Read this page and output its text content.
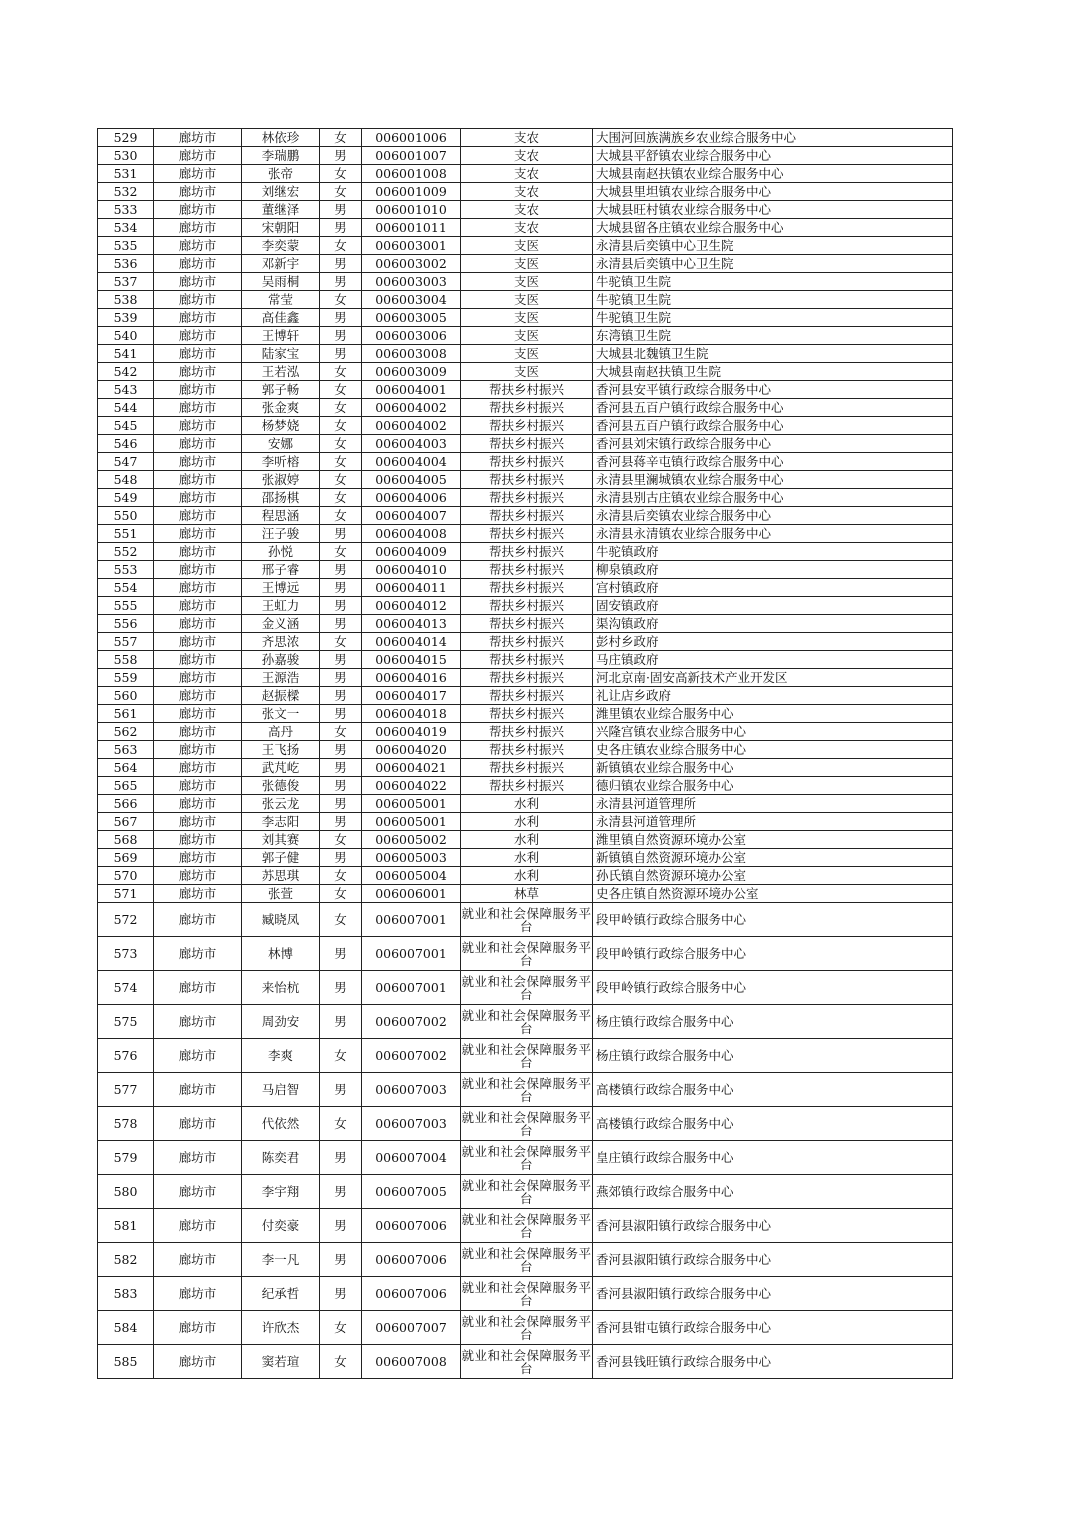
529	廊坊市	林依珍	女	006001006	支农	大围河回族满族乡农业综合服务中心
530	廊坊市	李瑞鹏	男	006001007	支农	大城县平舒镇农业综合服务中心
531	廊坊市	张帝	女	006001008	支农	大城县南赵扶镇农业综合服务中心
532	廊坊市	刘继宏	女	006001009	支农	大城县里坦镇农业综合服务中心
533	廊坊市	董继泽	男	006001010	支农	大城县旺村镇农业综合服务中心
534	廊坊市	宋朝阳	男	006001011	支农	大城县留各庄镇农业综合服务中心
535	廊坊市	李奕蒙	女	006003001	支医	永清县后奕镇中心卫生院
536	廊坊市	邓新宇	男	006003002	支医	永清县后奕镇中心卫生院
537	廊坊市	吴雨桐	男	006003003	支医	牛驼镇卫生院
538	廊坊市	常莹	女	006003004	支医	牛驼镇卫生院
539	廊坊市	高佳鑫	男	006003005	支医	牛驼镇卫生院
540	廊坊市	王博轩	男	006003006	支医	东湾镇卫生院
541	廊坊市	陆家宝	男	006003008	支医	大城县北魏镇卫生院
542	廊坊市	王若泓	女	006003009	支医	大城县南赵扶镇卫生院
543	廊坊市	郭子畅	女	006004001	帮扶乡村振兴	香河县安平镇行政综合服务中心
544	廊坊市	张金爽	女	006004002	帮扶乡村振兴	香河县五百户镇行政综合服务中心
545	廊坊市	杨梦娆	女	006004002	帮扶乡村振兴	香河县五百户镇行政综合服务中心
546	廊坊市	安娜	女	006004003	帮扶乡村振兴	香河县刘宋镇行政综合服务中心
547	廊坊市	李听榕	女	006004004	帮扶乡村振兴	香河县蒋辛屯镇行政综合服务中心
548	廊坊市	张淑婷	女	006004005	帮扶乡村振兴	永清县里澜城镇农业综合服务中心
549	廊坊市	邵扬棋	女	006004006	帮扶乡村振兴	永清县别古庄镇农业综合服务中心
550	廊坊市	程思涵	女	006004007	帮扶乡村振兴	永清县后奕镇农业综合服务中心
551	廊坊市	汪子骏	男	006004008	帮扶乡村振兴	永清县永清镇农业综合服务中心
552	廊坊市	孙悦	女	006004009	帮扶乡村振兴	牛驼镇政府
553	廊坊市	邢子睿	男	006004010	帮扶乡村振兴	柳泉镇政府
554	廊坊市	王博远	男	006004011	帮扶乡村振兴	宫村镇政府
555	廊坊市	王虹力	男	006004012	帮扶乡村振兴	固安镇政府
556	廊坊市	金义涵	男	006004013	帮扶乡村振兴	渠沟镇政府
557	廊坊市	齐思浓	女	006004014	帮扶乡村振兴	彭村乡政府
558	廊坊市	孙嘉骏	男	006004015	帮扶乡村振兴	马庄镇政府
559	廊坊市	王源浩	男	006004016	帮扶乡村振兴	河北京南·固安高新技术产业开发区
560	廊坊市	赵振樑	男	006004017	帮扶乡村振兴	礼让店乡政府
561	廊坊市	张文一	男	006004018	帮扶乡村振兴	潍里镇农业综合服务中心
562	廊坊市	高丹	女	006004019	帮扶乡村振兴	兴隆宫镇农业综合服务中心
563	廊坊市	王飞扬	男	006004020	帮扶乡村振兴	史各庄镇农业综合服务中心
564	廊坊市	武芃屹	男	006004021	帮扶乡村振兴	新镇镇农业综合服务中心
565	廊坊市	张德俊	男	006004022	帮扶乡村振兴	德归镇农业综合服务中心
566	廊坊市	张云龙	男	006005001	水利	永清县河道管理所
567	廊坊市	李志阳	男	006005001	水利	永清县河道管理所
568	廊坊市	刘其赛	女	006005002	水利	潍里镇自然资源环境办公室
569	廊坊市	郭子健	男	006005003	水利	新镇镇自然资源环境办公室
570	廊坊市	苏思琪	女	006005004	水利	孙氏镇自然资源环境办公室
571	廊坊市	张萱	女	006006001	林草	史各庄镇自然资源环境办公室
572	廊坊市	臧晓凤	女	006007001	就业和社会保障服务平台	段甲岭镇行政综合服务中心
573	廊坊市	林博	男	006007001	就业和社会保障服务平台	段甲岭镇行政综合服务中心
574	廊坊市	来怡杭	男	006007001	就业和社会保障服务平台	段甲岭镇行政综合服务中心
575	廊坊市	周劲安	男	006007002	就业和社会保障服务平台	杨庄镇行政综合服务中心
576	廊坊市	李爽	女	006007002	就业和社会保障服务平台	杨庄镇行政综合服务中心
577	廊坊市	马启智	男	006007003	就业和社会保障服务平台	高楼镇行政综合服务中心
578	廊坊市	代依然	女	006007003	就业和社会保障服务平台	高楼镇行政综合服务中心
579	廊坊市	陈奕君	男	006007004	就业和社会保障服务平台	皇庄镇行政综合服务中心
580	廊坊市	李宇翔	男	006007005	就业和社会保障服务平台	燕郊镇行政综合服务中心
581	廊坊市	付奕豪	男	006007006	就业和社会保障服务平台	香河县淑阳镇行政综合服务中心
582	廊坊市	李一凡	男	006007006	就业和社会保障服务平台	香河县淑阳镇行政综合服务中心
583	廊坊市	纪承哲	男	006007006	就业和社会保障服务平台	香河县淑阳镇行政综合服务中心
584	廊坊市	许欣杰	女	006007007	就业和社会保障服务平台	香河县钳屯镇行政综合服务中心
585	廊坊市	窦若瑄	女	006007008	就业和社会保障服务平台	香河县钱旺镇行政综合服务中心
